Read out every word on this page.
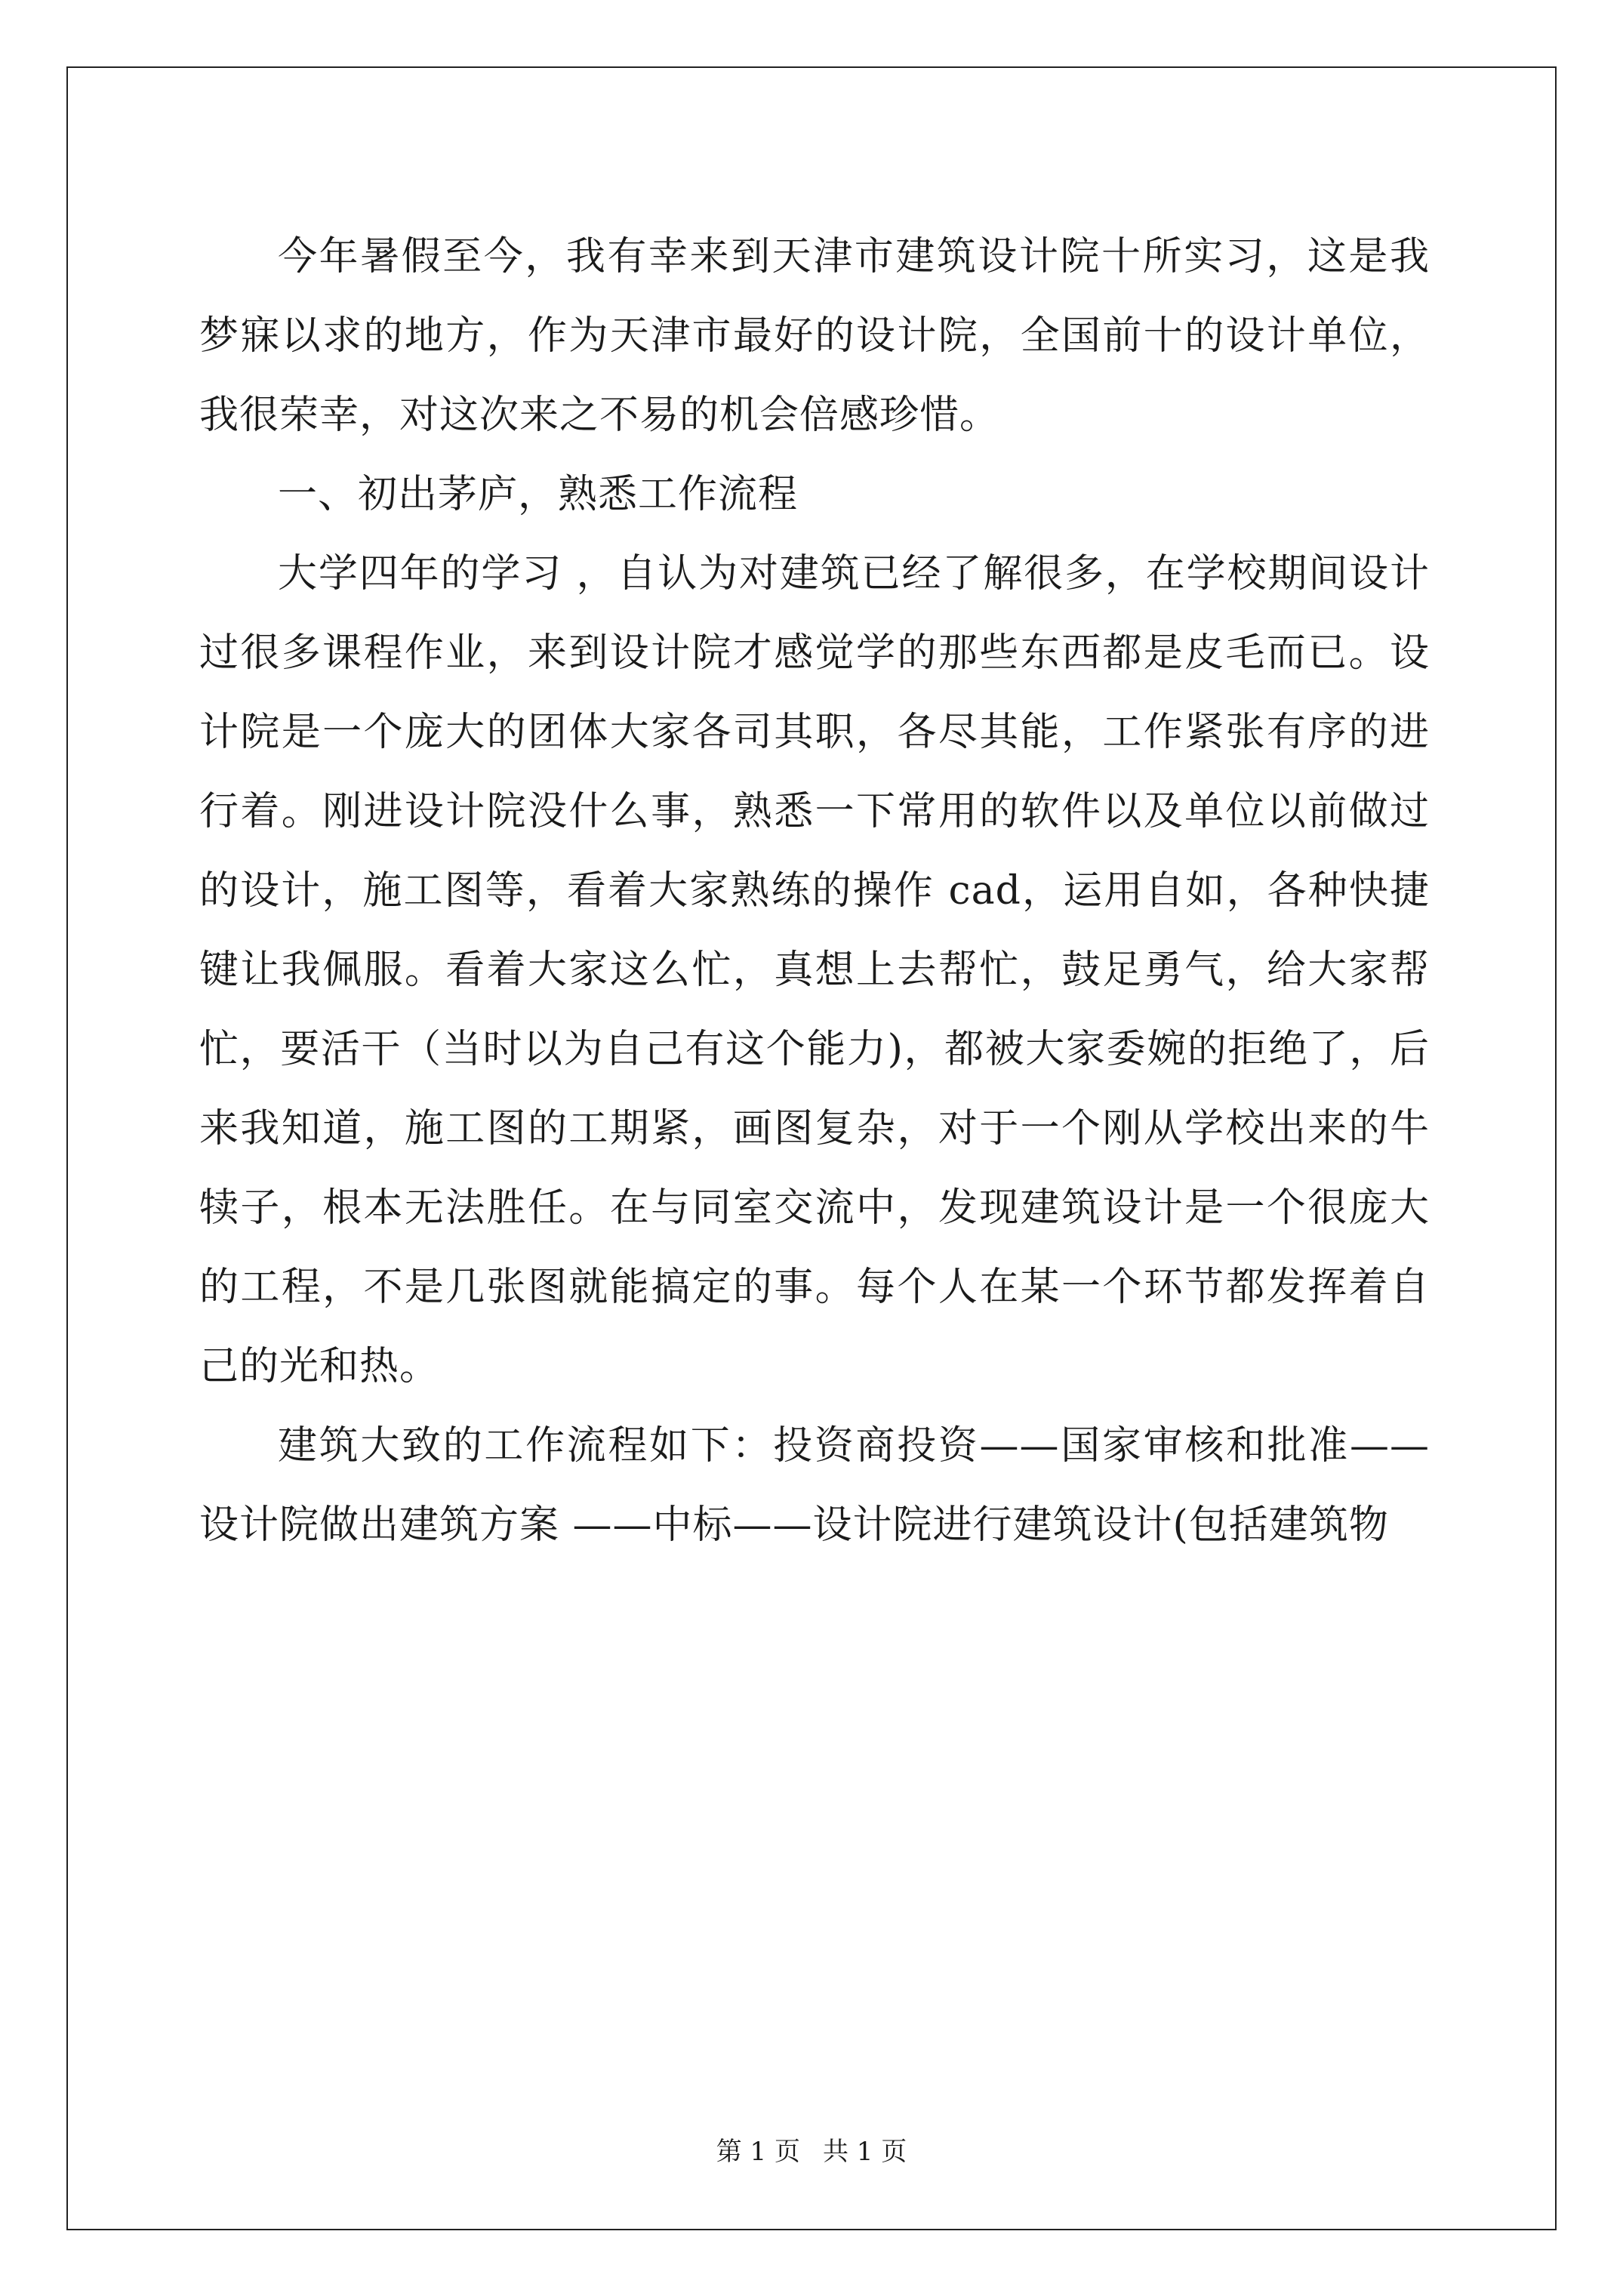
今年暑假至今，我有幸来到天津市建筑设计院十所实习，这是我梦寐以求的地方，作为天津市最好的设计院，全国前十的设计单位，我很荣幸，对这次来之不易的机会倍感珍惜。

一、初出茅庐，熟悉工作流程

大学四年的学习 ，自认为对建筑已经了解很多，在学校期间设计过很多课程作业，来到设计院才感觉学的那些东西都是皮毛而已。设计院是一个庞大的团体大家各司其职，各尽其能，工作紧张有序的进行着。刚进设计院没什么事，熟悉一下常用的软件以及单位以前做过的设计，施工图等，看着大家熟练的操作 cad，运用自如，各种快捷键让我佩服。看着大家这么忙，真想上去帮忙，鼓足勇气，给大家帮忙，要活干（当时以为自己有这个能力)，都被大家委婉的拒绝了，后来我知道，施工图的工期紧，画图复杂，对于一个刚从学校出来的牛犊子，根本无法胜任。在与同室交流中，发现建筑设计是一个很庞大的工程，不是几张图就能搞定的事。每个人在某一个环节都发挥着自己的光和热。

建筑大致的工作流程如下：投资商投资——国家审核和批准——设计院做出建筑方案 ——中标——设计院进行建筑设计(包括建筑物

第 1 页 共 1 页
